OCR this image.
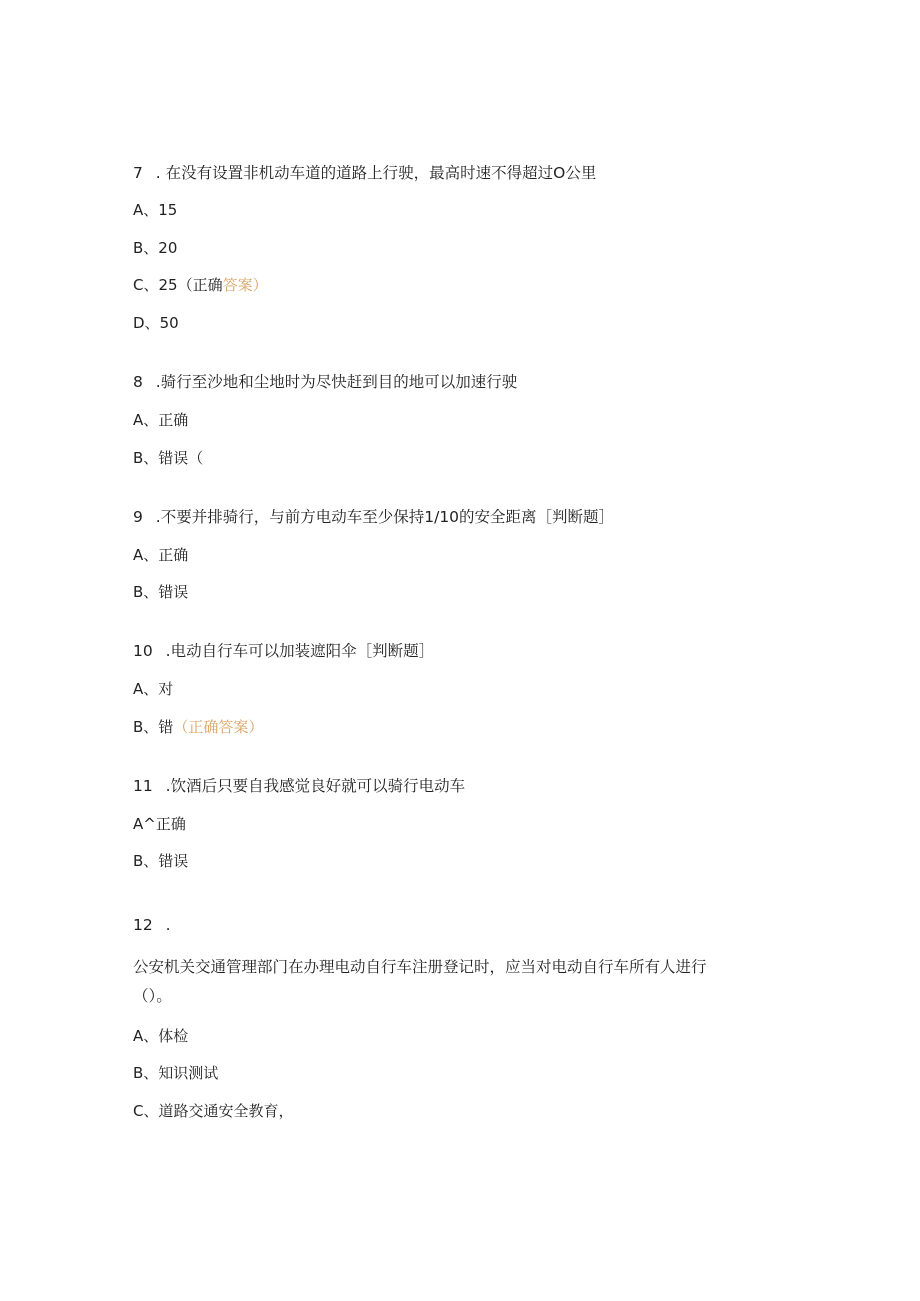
7 . 在没有设置非机动车道的道路上行驶，最高时速不得超过O公里
A、15
B、20
C、25（正确答案）
D、50
8 .骑行至沙地和尘地时为尽快赶到目的地可以加速行驶
A、正确
B、错误（
9 .不要并排骑行，与前方电动车至少保持1/10的安全距离［判断题］
A、正确
B、错误
10 .电动自行车可以加装遮阳伞［判断题］
A、对
B、错（正确答案）
11 .饮酒后只要自我感觉良好就可以骑行电动车
A^正确
B、错误
12 .
公安机关交通管理部门在办理电动自行车注册登记时，应当对电动自行车所有人进行
（）。
A、体检
B、知识测试
C、道路交通安全教育，
